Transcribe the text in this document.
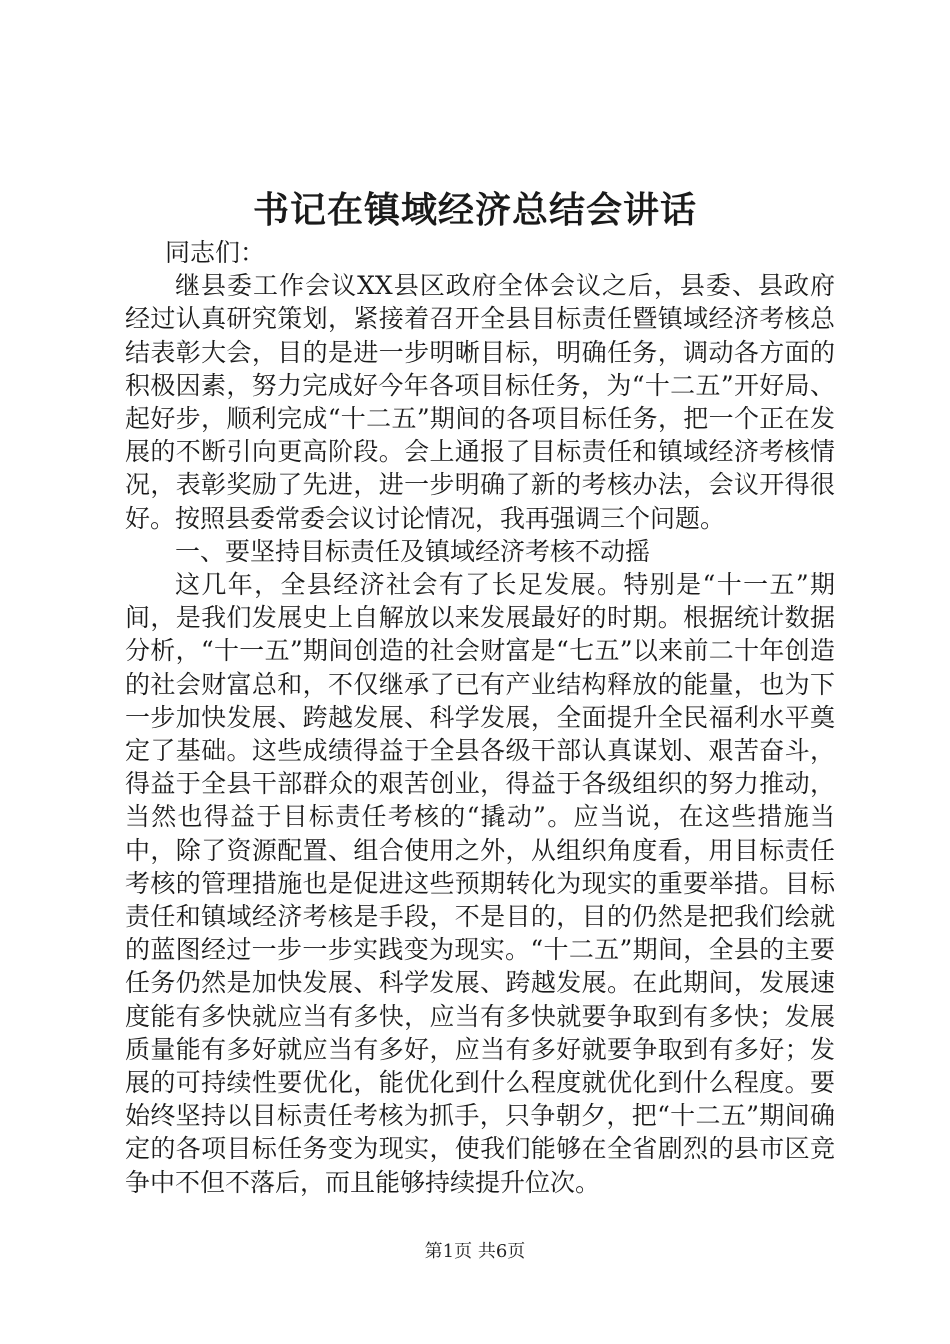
书记在镇域经济总结会讲话

同志们：

继县委工作会议XX县区政府全体会议之后，县委、县政府经过认真研究策划，紧接着召开全县目标责任暨镇域经济考核总结表彰大会，目的是进一步明晰目标，明确任务，调动各方面的积极因素，努力完成好今年各项目标任务，为“十二五”开好局、起好步，顺利完成“十二五”期间的各项目标任务，把一个正在发展的不断引向更高阶段。会上通报了目标责任和镇域经济考核情况，表彰奖励了先进，进一步明确了新的考核办法，会议开得很好。按照县委常委会议讨论情况，我再强调三个问题。

一、要坚持目标责任及镇域经济考核不动摇

这几年，全县经济社会有了长足发展。特别是“十一五”期间，是我们发展史上自解放以来发展最好的时期。根据统计数据分析，“十一五”期间创造的社会财富是“七五”以来前二十年创造的社会财富总和，不仅继承了已有产业结构释放的能量，也为下一步加快发展、跨越发展、科学发展，全面提升全民福利水平奠定了基础。这些成绩得益于全县各级干部认真谋划、艰苦奋斗，得益于全县干部群众的艰苦创业，得益于各级组织的努力推动，当然也得益于目标责任考核的“撬动”。应当说，在这些措施当中，除了资源配置、组合使用之外，从组织角度看，用目标责任考核的管理措施也是促进这些预期转化为现实的重要举措。目标责任和镇域经济考核是手段，不是目的，目的仍然是把我们绘就的蓝图经过一步一步实践变为现实。“十二五”期间，全县的主要任务仍然是加快发展、科学发展、跨越发展。在此期间，发展速度能有多快就应当有多快，应当有多快就要争取到有多快；发展质量能有多好就应当有多好，应当有多好就要争取到有多好；发展的可持续性要优化，能优化到什么程度就优化到什么程度。要始终坚持以目标责任考核为抓手，只争朝夕，把“十二五”期间确定的各项目标任务变为现实，使我们能够在全省剧烈的县市区竞争中不但不落后，而且能够持续提升位次。

第1页 共6页
